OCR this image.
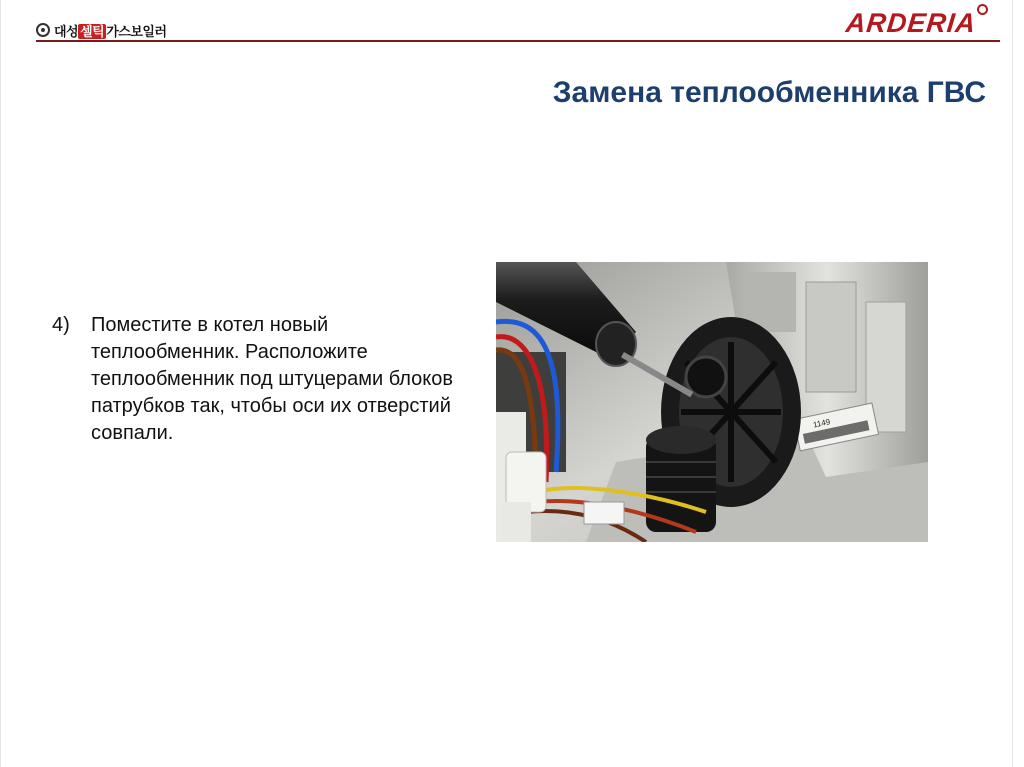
대성 셀틱 가스보일러	ARDERIA
Замена теплообменника ГВС
4)	Поместите в котел новый теплообменник. Расположите теплообменник под штуцерами блоков патрубков так, чтобы оси их отверстий совпали.	1149
